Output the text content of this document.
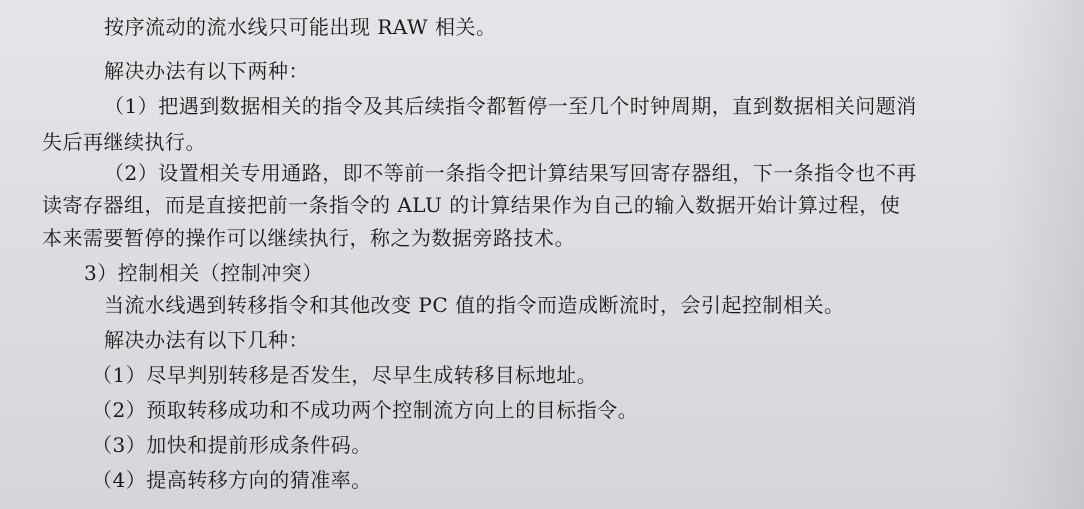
按序流动的流水线只可能出现 RAW 相关。
解决办法有以下两种：
（1）把遇到数据相关的指令及其后续指令都暂停一至几个时钟周期，直到数据相关问题消
失后再继续执行。
（2）设置相关专用通路，即不等前一条指令把计算结果写回寄存器组，下一条指令也不再
读寄存器组，而是直接把前一条指令的 ALU 的计算结果作为自己的输入数据开始计算过程，使
本来需要暂停的操作可以继续执行，称之为数据旁路技术。
3）控制相关（控制冲突）
当流水线遇到转移指令和其他改变 PC 值的指令而造成断流时，会引起控制相关。
解决办法有以下几种：
（1）尽早判别转移是否发生，尽早生成转移目标地址。
（2）预取转移成功和不成功两个控制流方向上的目标指令。
（3）加快和提前形成条件码。
（4）提高转移方向的猜准率。
